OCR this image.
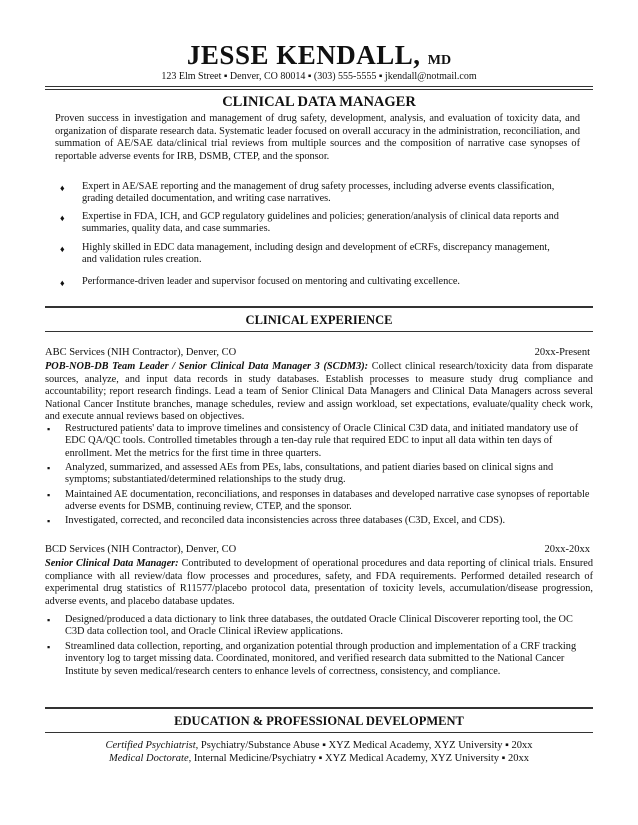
JESSE KENDALL, MD
123 Elm Street ▪ Denver, CO 80014 ▪ (303) 555-5555 ▪ jkendall@notmail.com
CLINICAL DATA MANAGER
Proven success in investigation and management of drug safety, development, analysis, and evaluation of toxicity data, and organization of disparate research data. Systematic leader focused on overall accuracy in the administration, reconciliation, and summation of AE/SAE data/clinical trial reviews from multiple sources and the composition of narrative case synopses of reportable adverse events for IRB, DSMB, CTEP, and the sponsor.
♦ Expert in AE/SAE reporting and the management of drug safety processes, including adverse events classification, grading detailed documentation, and writing case narratives.
♦ Expertise in FDA, ICH, and GCP regulatory guidelines and policies; generation/analysis of clinical data reports and summaries, quality data, and case summaries.
♦ Highly skilled in EDC data management, including design and development of eCRFs, discrepancy management, and validation rules creation.
♦ Performance-driven leader and supervisor focused on mentoring and cultivating excellence.
CLINICAL EXPERIENCE
ABC Services (NIH Contractor), Denver, CO	20xx-Present
POB-NOB-DB Team Leader / Senior Clinical Data Manager 3 (SCDM3): Collect clinical research/toxicity data from disparate sources, analyze, and input data records in study databases. Establish processes to measure study drug compliance and accountability; report research findings. Lead a team of Senior Clinical Data Managers and Clinical Data Managers across several National Cancer Institute branches, manage schedules, review and assign workload, set expectations, evaluate/quality check work, and execute annual reviews based on objectives.
▪ Restructured patients' data to improve timelines and consistency of Oracle Clinical C3D data, and initiated mandatory use of EDC QA/QC tools. Controlled timetables through a ten-day rule that required EDC to input all data within ten days of enrollment. Met the metrics for the first time in three quarters.
▪ Analyzed, summarized, and assessed AEs from PEs, labs, consultations, and patient diaries based on clinical signs and symptoms; substantiated/determined relationships to the study drug.
▪ Maintained AE documentation, reconciliations, and responses in databases and developed narrative case synopses of reportable adverse events for DSMB, continuing review, CTEP, and the sponsor.
▪ Investigated, corrected, and reconciled data inconsistencies across three databases (C3D, Excel, and CDS).
BCD Services (NIH Contractor), Denver, CO	20xx-20xx
Senior Clinical Data Manager: Contributed to development of operational procedures and data reporting of clinical trials. Ensured compliance with all review/data flow processes and procedures, safety, and FDA requirements. Performed detailed research of experimental drug statistics of R11577/placebo protocol data, presentation of toxicity levels, accumulation/disease progression, adverse events, and placebo database updates.
▪ Designed/produced a data dictionary to link three databases, the outdated Oracle Clinical Discoverer reporting tool, the OC C3D data collection tool, and Oracle Clinical iReview applications.
▪ Streamlined data collection, reporting, and organization potential through production and implementation of a CRF tracking inventory log to target missing data. Coordinated, monitored, and verified research data submitted to the National Cancer Institute by seven medical/research centers to enhance levels of correctness, consistency, and compliance.
EDUCATION & PROFESSIONAL DEVELOPMENT
Certified Psychiatrist, Psychiatry/Substance Abuse ▪ XYZ Medical Academy, XYZ University ▪ 20xx
Medical Doctorate, Internal Medicine/Psychiatry ▪ XYZ Medical Academy, XYZ University ▪ 20xx
